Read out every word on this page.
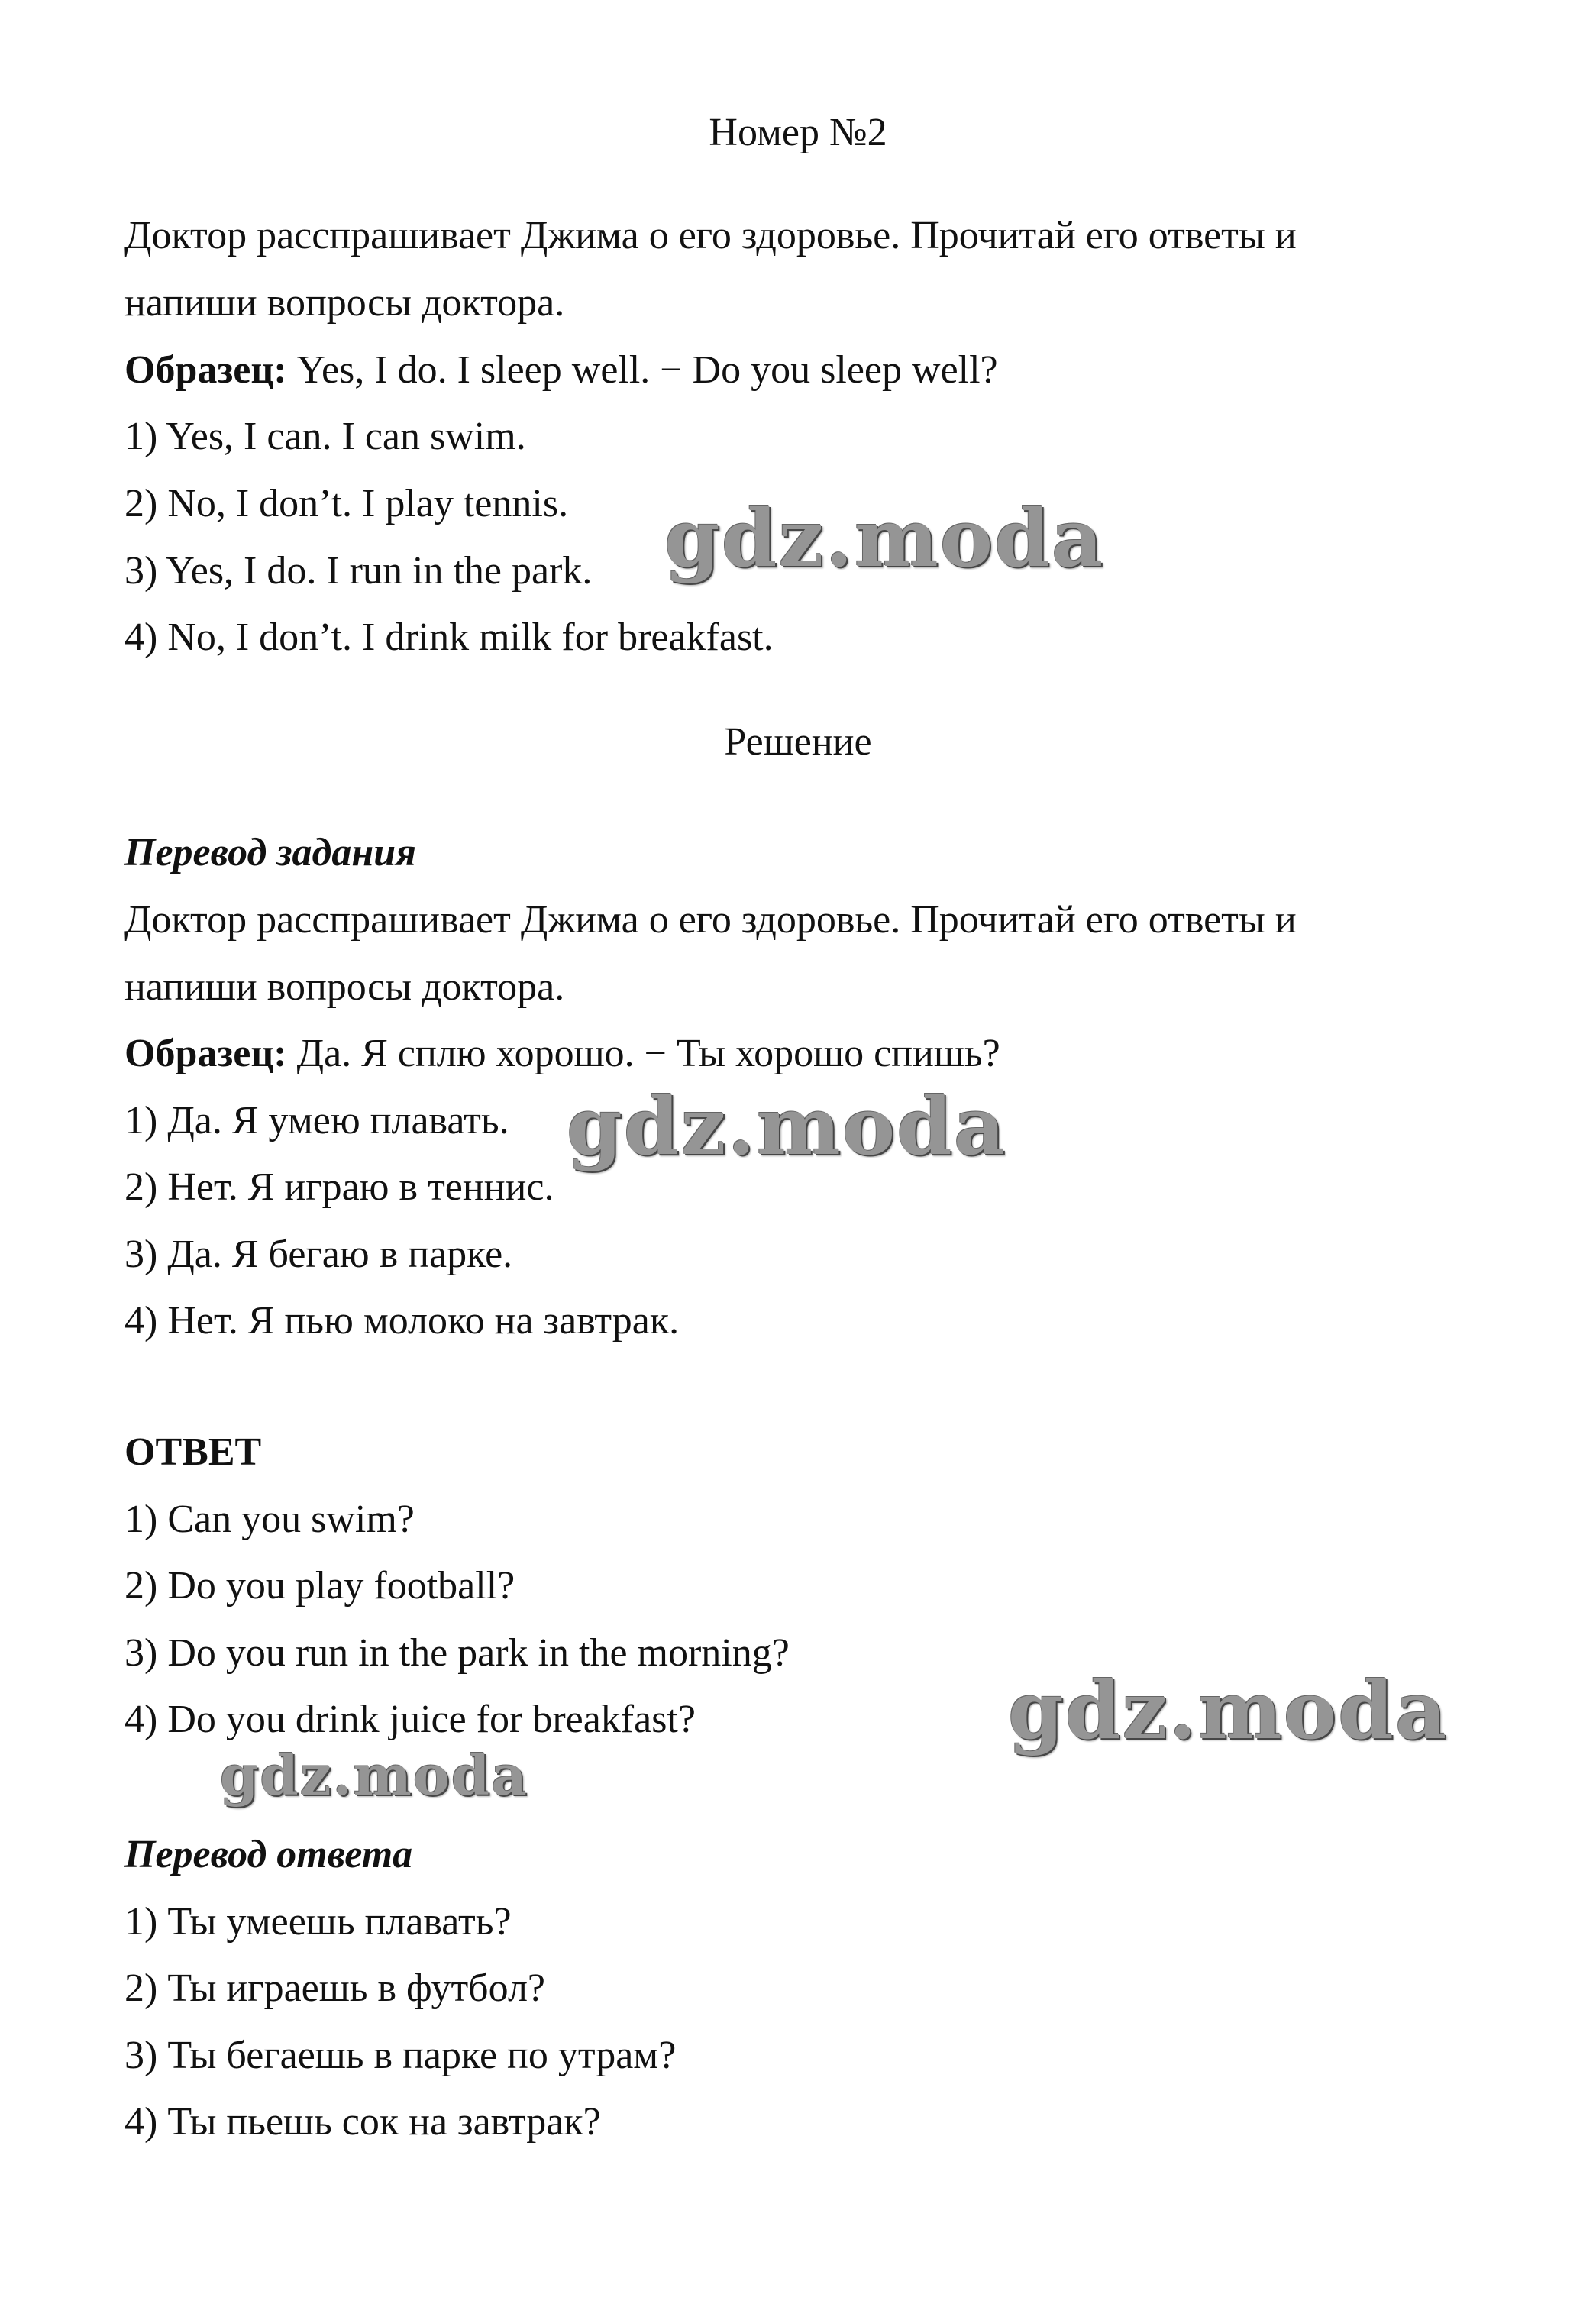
Номер №2
Доктор расспрашивает Джима о его здоровье. Прочитай его ответы и
напиши вопросы доктора.
Образец: Yes, I do. I sleep well. − Do you sleep well?
1) Yes, I can. I can swim.
2) No, I don’t. I play tennis.
3) Yes, I do. I run in the park.
4) No, I don’t. I drink milk for breakfast.
Решение
Перевод задания
Доктор расспрашивает Джима о его здоровье. Прочитай его ответы и
напиши вопросы доктора.
Образец: Да. Я сплю хорошо. − Ты хорошо спишь?
1) Да. Я умею плавать.
2) Нет. Я играю в теннис.
3) Да. Я бегаю в парке.
4) Нет. Я пью молоко на завтрак.
ОТВЕТ
1) Can you swim?
2) Do you play football?
3) Do you run in the park in the morning?
4) Do you drink juice for breakfast?
Перевод ответа
1) Ты умеешь плавать?
2) Ты играешь в футбол?
3) Ты бегаешь в парке по утрам?
4) Ты пьешь сок на завтрак?
gdz.moda
gdz.moda
gdz.moda
gdz.moda
